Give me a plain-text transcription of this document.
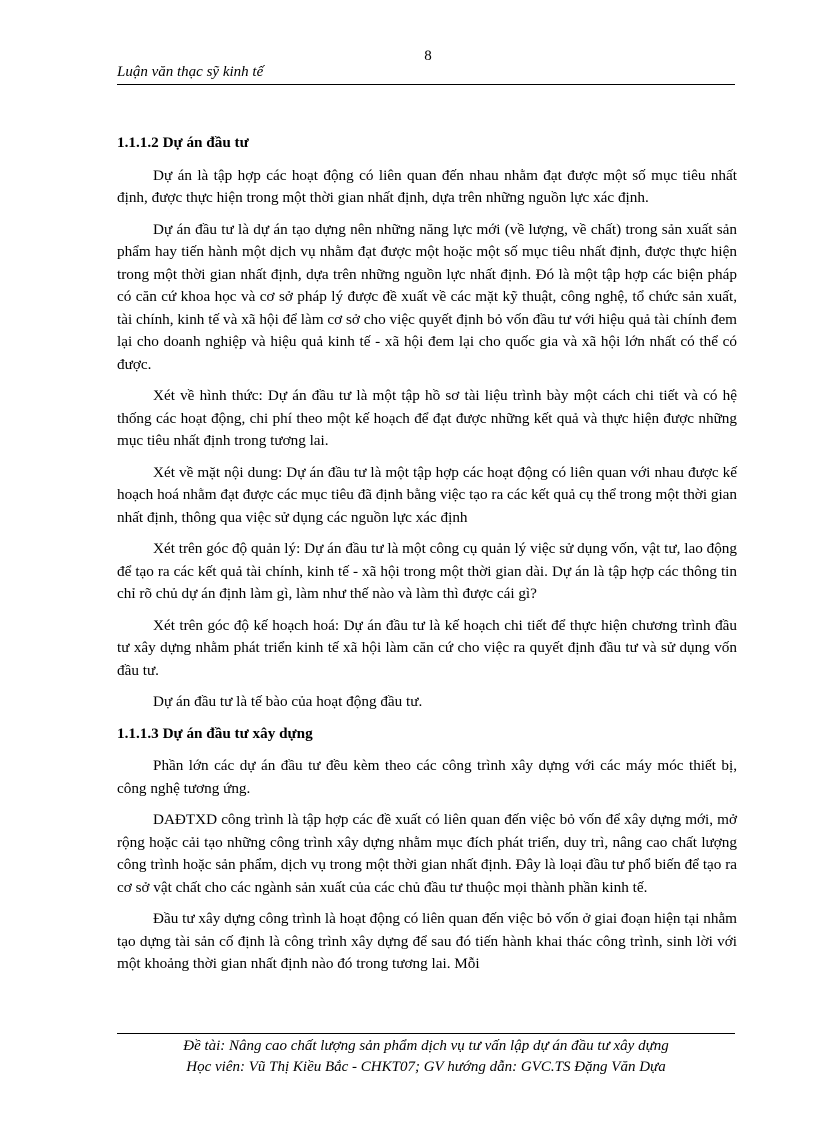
8
Luận văn thạc sỹ kinh tế
1.1.1.2 Dự án đầu tư

Dự án là tập hợp các hoạt động có liên quan đến nhau nhằm đạt được một số mục tiêu nhất định, được thực hiện trong một thời gian nhất định, dựa trên những nguồn lực xác định.

Dự án đầu tư là dự án tạo dựng nên những năng lực mới (về lượng, về chất) trong sản xuất sản phẩm hay tiến hành một dịch vụ nhằm đạt được một hoặc một số mục tiêu nhất định, được thực hiện trong một thời gian nhất định, dựa trên những nguồn lực nhất định. Đó là một tập hợp các biện pháp có căn cứ khoa học và cơ sở pháp lý được đề xuất về các mặt kỹ thuật, công nghệ, tổ chức sản xuất, tài chính, kinh tế và xã hội để làm cơ sở cho việc quyết định bỏ vốn đầu tư với hiệu quả tài chính đem lại cho doanh nghiệp và hiệu quả kinh tế - xã hội đem lại cho quốc gia và xã hội lớn nhất có thể có được.

Xét về hình thức: Dự án đầu tư là một tập hồ sơ tài liệu trình bày một cách chi tiết và có hệ thống các hoạt động, chi phí theo một kế hoạch để đạt được những kết quả và thực hiện được những mục tiêu nhất định trong tương lai.

Xét về mặt nội dung: Dự án đầu tư là một tập hợp các hoạt động có liên quan với nhau được kế hoạch hoá nhằm đạt được các mục tiêu đã định bằng việc tạo ra các kết quả cụ thể trong một thời gian nhất định, thông qua việc sử dụng các nguồn lực xác định

Xét trên góc độ quản lý: Dự án đầu tư là một công cụ quản lý việc sử dụng vốn, vật tư, lao động để tạo ra các kết quả tài chính, kinh tế - xã hội trong một thời gian dài. Dự án là tập hợp các thông tin chỉ rõ chủ dự án định làm gì, làm như thế nào và làm thì được cái gì?

Xét trên góc độ kế hoạch hoá: Dự án đầu tư là kế hoạch chi tiết để thực hiện chương trình đầu tư xây dựng nhằm phát triển kinh tế xã hội làm căn cứ cho việc ra quyết định đầu tư và sử dụng vốn đầu tư.

Dự án đầu tư là tế bào của hoạt động đầu tư.

1.1.1.3 Dự án đầu tư xây dựng

Phần lớn các dự án đầu tư đều kèm theo các công trình xây dựng với các máy móc thiết bị, công nghệ tương ứng.

DAĐTXD công trình là tập hợp các đề xuất có liên quan đến việc bỏ vốn để xây dựng mới, mở rộng hoặc cải tạo những công trình xây dựng nhằm mục đích phát triển, duy trì, nâng cao chất lượng công trình hoặc sản phẩm, dịch vụ trong một thời gian nhất định. Đây là loại đầu tư phổ biến để tạo ra cơ sở vật chất cho các ngành sản xuất của các chủ đầu tư thuộc mọi thành phần kinh tế.

Đầu tư xây dựng công trình là hoạt động có liên quan đến việc bỏ vốn ở giai đoạn hiện tại nhằm tạo dựng tài sản cố định là công trình xây dựng để sau đó tiến hành khai thác công trình, sinh lời với một khoảng thời gian nhất định nào đó trong tương lai. Mỗi

Đề tài: Nâng cao chất lượng sản phẩm dịch vụ tư vấn lập dự án đầu tư xây dựng
Học viên: Vũ Thị Kiều Bắc - CHKT07; GV hướng dẫn: GVC.TS Đặng Văn Dựa
